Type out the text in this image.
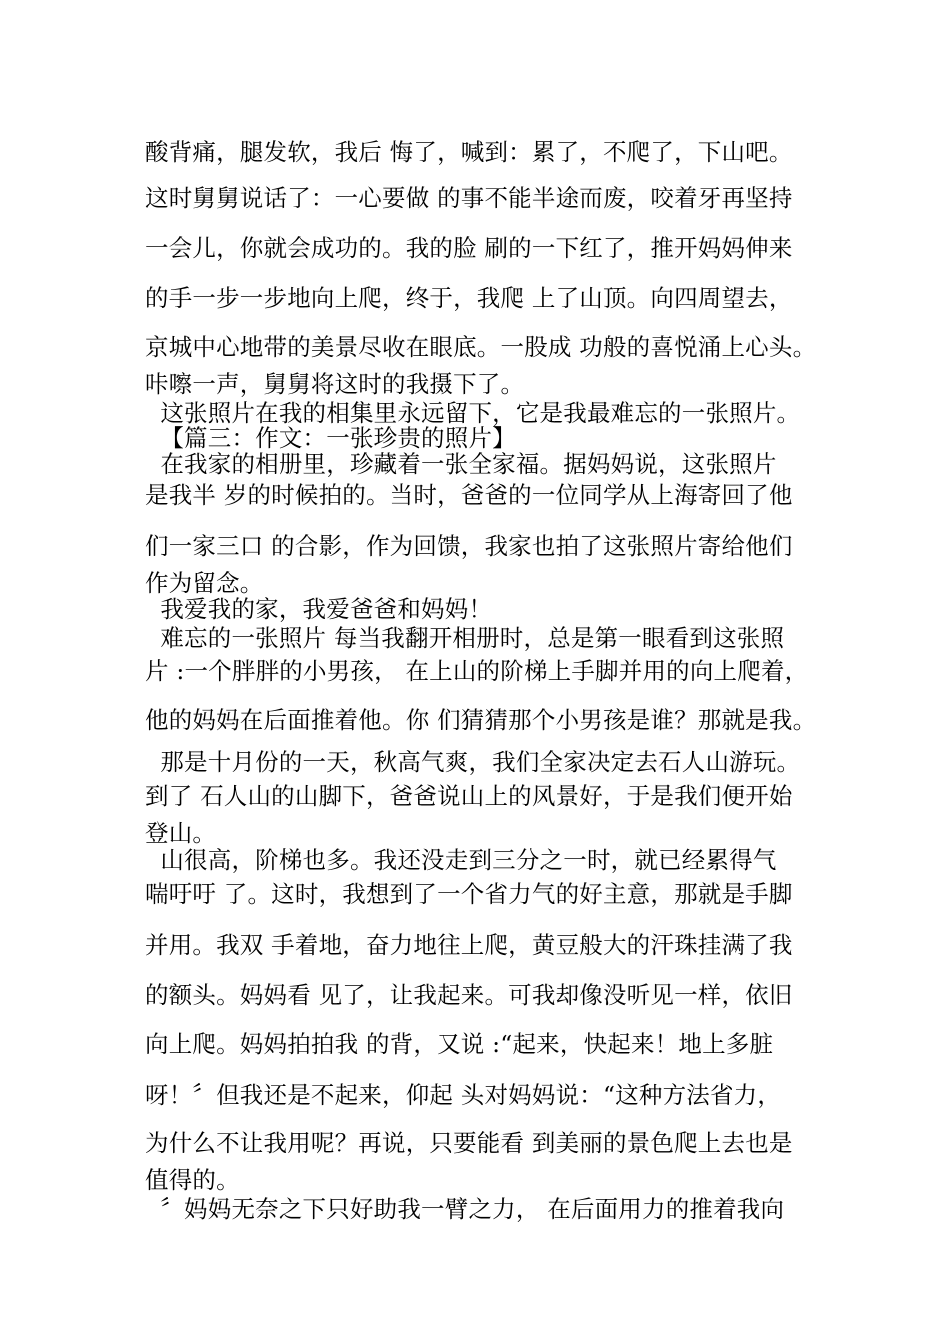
酸背痛，腿发软，我后 悔了，喊到：累了，不爬了，下山吧。
这时舅舅说话了：一心要做 的事不能半途而废，咬着牙再坚持
一会儿，你就会成功的。我的脸 刷的一下红了，推开妈妈伸来
的手一步一步地向上爬，终于，我爬 上了山顶。向四周望去，
京城中心地带的美景尽收在眼底。一股成 功般的喜悦涌上心头。
咔嚓一声，舅舅将这时的我摄下了。
这张照片在我的相集里永远留下，它是我最难忘的一张照片。
【篇三：作文：一张珍贵的照片】
在我家的相册里，珍藏着一张全家福。据妈妈说，这张照片
是我半 岁的时候拍的。当时，爸爸的一位同学从上海寄回了他
们一家三口 的合影，作为回馈，我家也拍了这张照片寄给他们
作为留念。
我爱我的家，我爱爸爸和妈妈！
难忘的一张照片 每当我翻开相册时，总是第一眼看到这张照
片 :一个胖胖的小男孩， 在上山的阶梯上手脚并用的向上爬着，
他的妈妈在后面推着他。你 们猜猜那个小男孩是谁？那就是我。
那是十月份的一天，秋高气爽，我们全家决定去石人山游玩。
到了 石人山的山脚下，爸爸说山上的风景好，于是我们便开始
登山。
山很高，阶梯也多。我还没走到三分之一时，就已经累得气
喘吁吁 了。这时，我想到了一个省力气的好主意，那就是手脚
并用。我双 手着地，奋力地往上爬，黄豆般大的汗珠挂满了我
的额头。妈妈看 见了，让我起来。可我却像没听见一样，依旧
向上爬。妈妈拍拍我 的背，又说 :“起来，快起来！地上多脏
呀！〞但我还是不起来，仰起 头对妈妈说：“这种方法省力，
为什么不让我用呢？再说，只要能看 到美丽的景色爬上去也是
值得的。
〞妈妈无奈之下只好助我一臂之力， 在后面用力的推着我向
